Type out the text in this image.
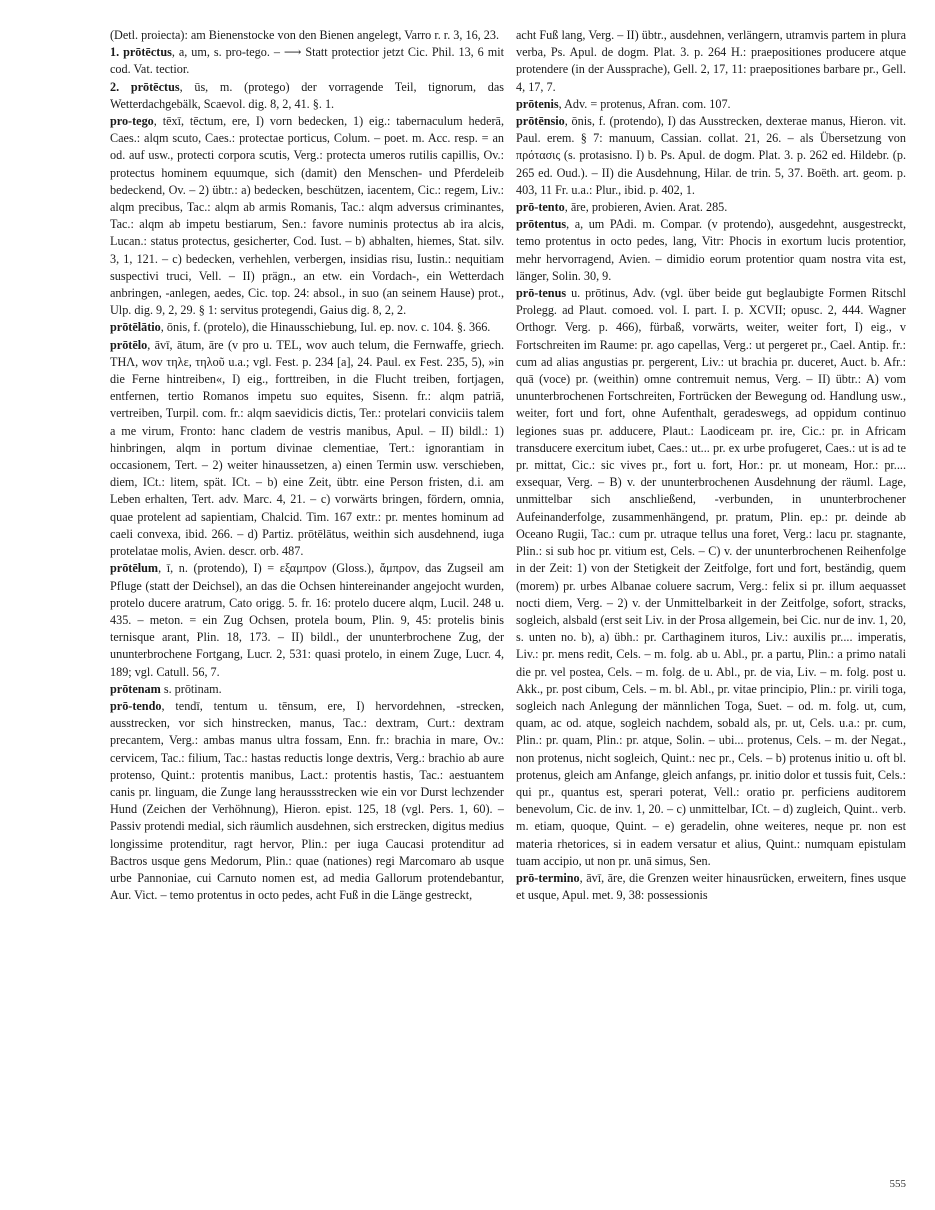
(Detl. proiecta): am Bienenstocke von den Bienen angelegt, Varro r. r. 3, 16, 23.

1. prōtēctus, a, um, s. pro-tego. – ⟶ Statt protectior jetzt Cic. Phil. 13, 6 mit cod. Vat. tectior.

2. prōtēctus, ūs, m. (protego) der vorragende Teil, tignorum, das Wetterdachgebälk, Scaevol. dig. 8, 2, 41. §. 1.

pro-tego, tēxī, tēctum, ere, I) vorn bedecken, 1) eig.: tabernaculum hederā, Caes.: alqm scuto, Caes.: protectae porticus, Colum. – poet. m. Acc. resp. = an od. auf usw., protecti corpora scutis, Verg.: protecta umeros rutilis capillis, Ov.: protectus hominem equumque, sich (damit) den Menschen- und Pferdeleib bedeckend, Ov. – 2) übtr.: a) bedecken, beschützen, iacentem, Cic.: regem, Liv.: alqm precibus, Tac.: alqm ab armis Romanis, Tac.: alqm adversus criminantes, Tac.: alqm ab impetu bestiarum, Sen.: favore numinis protectus ab ira alcis, Lucan.: status protectus, gesicherter, Cod. Iust. – b) abhalten, hiemes, Stat. silv. 3, 1, 121. – c) bedecken, verhehlen, verbergen, insidias risu, Iustin.: nequitiam suspectivi truci, Vell. – II) prägn., an etw. ein Vordach-, ein Wetterdach anbringen, -anlegen, aedes, Cic. top. 24: absol., in suo (an seinem Hause) prot., Ulp. dig. 9, 2, 29. § 1: servitus protegendi, Gaius dig. 8, 2, 2.

prōtēlātio, ōnis, f. (protelo), die Hinausschiebung, Iul. ep. nov. c. 104. §. 366.

prōtēlo, āvī, ātum, āre (v pro u. TEL, wov auch telum, die Fernwaffe, griech. ΤΗΛ, wov τηλε, τηλοῦ u.a.; vgl. Fest. p. 234 [a], 24. Paul. ex Fest. 235, 5), »in die Ferne hintreiben«, I) eig., forttreiben, in die Flucht treiben, fortjagen, entfernen, tertio Romanos impetu suo equites, Sisenn. fr.: alqm patriā, vertreiben, Turpil. com. fr.: alqm saevidicis dictis, Ter.: protelari conviciis talem a me virum, Fronto: hanc cladem de vestris manibus, Apul. – II) bildl.: 1) hinbringen, alqm in portum divinae clementiae, Tert.: ignorantiam in occasionem, Tert. – 2) weiter hinaussetzen, a) einen Termin usw. verschieben, diem, ICt.: litem, spät. ICt. – b) eine Zeit, übtr. eine Person fristen, d.i. am Leben erhalten, Tert. adv. Marc. 4, 21. – c) vorwärts bringen, fördern, omnia, quae protelent ad sapientiam, Chalcid. Tim. 167 extr.: pr. mentes hominum ad caeli convexa, ibid. 266. – d) Partiz. prōtēlātus, weithin sich ausdehnend, iuga protelatae molis, Avien. descr. orb. 487.

prōtēlum, ī, n. (protendo), I) = εξαμπρον (Gloss.), ἄμπρον, das Zugseil am Pfluge (statt der Deichsel), an das die Ochsen hintereinander angejocht wurden, protelo ducere aratrum, Cato origg. 5. fr. 16: protelo ducere alqm, Lucil. 248 u. 435. – meton. = ein Zug Ochsen, protela boum, Plin. 9, 45: protelis binis ternisque arant, Plin. 18, 173. – II) bildl., der ununterbrochene Zug, der ununterbrochene Fortgang, Lucr. 2, 531: quasi protelo, in einem Zuge, Lucr. 4, 189; vgl. Catull. 56, 7.

prōtenam s. prōtinam.

prō-tendo, tendī, tentum u. tēnsum, ere, I) hervordehnen, -strecken, ausstrecken, vor sich hinstrecken, manus, Tac.: dextram, Curt.: dextram precantem, Verg.: ambas manus ultra fossam, Enn. fr.: brachia in mare, Ov.: cervicem, Tac.: filium, Tac.: hastas reductis longe dextris, Verg.: brachio ab aure protenso, Quint.: protentis manibus, Lact.: protentis hastis, Tac.: aestuantem canis pr. linguam, die Zunge lang heraussstrecken wie ein vor Durst lechzender Hund (Zeichen der Verhöhnung), Hieron. epist. 125, 18 (vgl. Pers. 1, 60). – Passiv protendi medial, sich räumlich ausdehnen, sich erstrecken, digitus medius longissime protenditur, ragt hervor, Plin.: per iuga Caucasi protenditur ad Bactros usque gens Medorum, Plin.: quae (nationes) regi Marcomaro ab usque urbe Pannoniae, cui Carnuto nomen est, ad media Gallorum protendebantur, Aur. Vict. – temo protentus in octo pedes, acht Fuß in die Länge gestreckt,

acht Fuß lang, Verg. – II) übtr., ausdehnen, verlängern, utramvis partem in plura verba, Ps. Apul. de dogm. Plat. 3. p. 264 H.: praepositiones producere atque protendere (in der Aussprache), Gell. 2, 17, 11: praepositiones barbare pr., Gell. 4, 17, 7.

prōtenis, Adv. = protenus, Afran. com. 107.

prōtēnsio, ōnis, f. (protendo), I) das Ausstrecken, dexterae manus, Hieron. vit. Paul. erem. § 7: manuum, Cassian. collat. 21, 26. – als Übersetzung von πρότασις (s. protasisno. I) b. Ps. Apul. de dogm. Plat. 3. p. 262 ed. Hildebr. (p. 265 ed. Oud.). – II) die Ausdehnung, Hilar. de trin. 5, 37. Boëth. art. geom. p. 403, 11 Fr. u.a.: Plur., ibid. p. 402, 1.

prō-tento, āre, probieren, Avien. Arat. 285.

prōtentus, a, um PAdi. m. Compar. (v protendo), ausgedehnt, ausgestreckt, temo protentus in octo pedes, lang, Vitr: Phocis in exortum lucis protentior, mehr hervorragend, Avien. – dimidio eorum protentior quam nostra vita est, länger, Solin. 30, 9.

prō-tenus u. prōtinus, Adv. (vgl. über beide gut beglaubigte Formen Ritschl Prolegg. ad Plaut. comoed. vol. I. part. I. p. XCVII; opusc. 2, 444. Wagner Orthogr. Verg. p. 466), fürbaß, vorwärts, weiter, weiter fort, I) eig., v Fortschreiten im Raume: pr. ago capellas, Verg.: ut pergeret pr., Cael. Antip. fr.: cum ad alias angustias pr. pergerent, Liv.: ut brachia pr. duceret, Auct. b. Afr.: quā (voce) pr. (weithin) omne contremuit nemus, Verg. – II) übtr.: A) vom ununterbrochenen Fortschreiten, Fortrücken der Bewegung od. Handlung usw., weiter, fort und fort, ohne Aufenthalt, geradeswegs, ad oppidum continuo legiones suas pr. adducere, Plaut.: Laodiceam pr. ire, Cic.: pr. in Africam transducere exercitum iubet, Caes.: ut... pr. ex urbe profugeret, Caes.: ut is ad te pr. mittat, Cic.: sic vives pr., fort u. fort, Hor.: pr. ut moneam, Hor.: pr.... exsequar, Verg. – B) v. der ununterbrochenen Ausdehnung der räuml. Lage, unmittelbar sich anschließend, -verbunden, in ununterbrochener Aufeinanderfolge, zusammenhängend, pr. pratum, Plin. ep.: pr. deinde ab Oceano Rugii, Tac.: cum pr. utraque tellus una foret, Verg.: lacu pr. stagnante, Plin.: si sub hoc pr. vitium est, Cels. – C) v. der ununterbrochenen Reihenfolge in der Zeit: 1) von der Stetigkeit der Zeitfolge, fort und fort, beständig, quem (morem) pr. urbes Albanae coluere sacrum, Verg.: felix si pr. illum aequasset nocti diem, Verg. – 2) v. der Unmittelbarkeit in der Zeitfolge, sofort, stracks, sogleich, alsbald (erst seit Liv. in der Prosa allgemein, bei Cic. nur de inv. 1, 20, s. unten no. b), a) übh.: pr. Carthaginem ituros, Liv.: auxilis pr.... imperatis, Liv.: pr. mens redit, Cels. – m. folg. ab u. Abl., pr. a partu, Plin.: a primo natali die pr. vel postea, Cels. – m. folg. de u. Abl., pr. de via, Liv. – m. folg. post u. Akk., pr. post cibum, Cels. – m. bl. Abl., pr. vitae principio, Plin.: pr. virili toga, sogleich nach Anlegung der männlichen Toga, Suet. – od. m. folg. ut, cum, quam, ac od. atque, sogleich nachdem, sobald als, pr. ut, Cels. u.a.: pr. cum, Plin.: pr. quam, Plin.: pr. atque, Solin. – ubi... protenus, Cels. – m. der Negat., non protenus, nicht sogleich, Quint.: nec pr., Cels. – b) protenus initio u. oft bl. protenus, gleich am Anfange, gleich anfangs, pr. initio dolor et tussis fuit, Cels.: qui pr., quantus est, sperari poterat, Vell.: oratio pr. perficiens auditorem benevolum, Cic. de inv. 1, 20. – c) unmittelbar, ICt. – d) zugleich, Quint.. verb. m. etiam, quoque, Quint. – e) geradelin, ohne weiteres, neque pr. non est materia rhetorices, si in eadem versatur et alius, Quint.: numquam epistulam tuam accipio, ut non pr. unā simus, Sen.

prō-termino, āvī, āre, die Grenzen weiter hinausrücken, erweitern, fines usque et usque, Apul. met. 9, 38: possessionis

555
